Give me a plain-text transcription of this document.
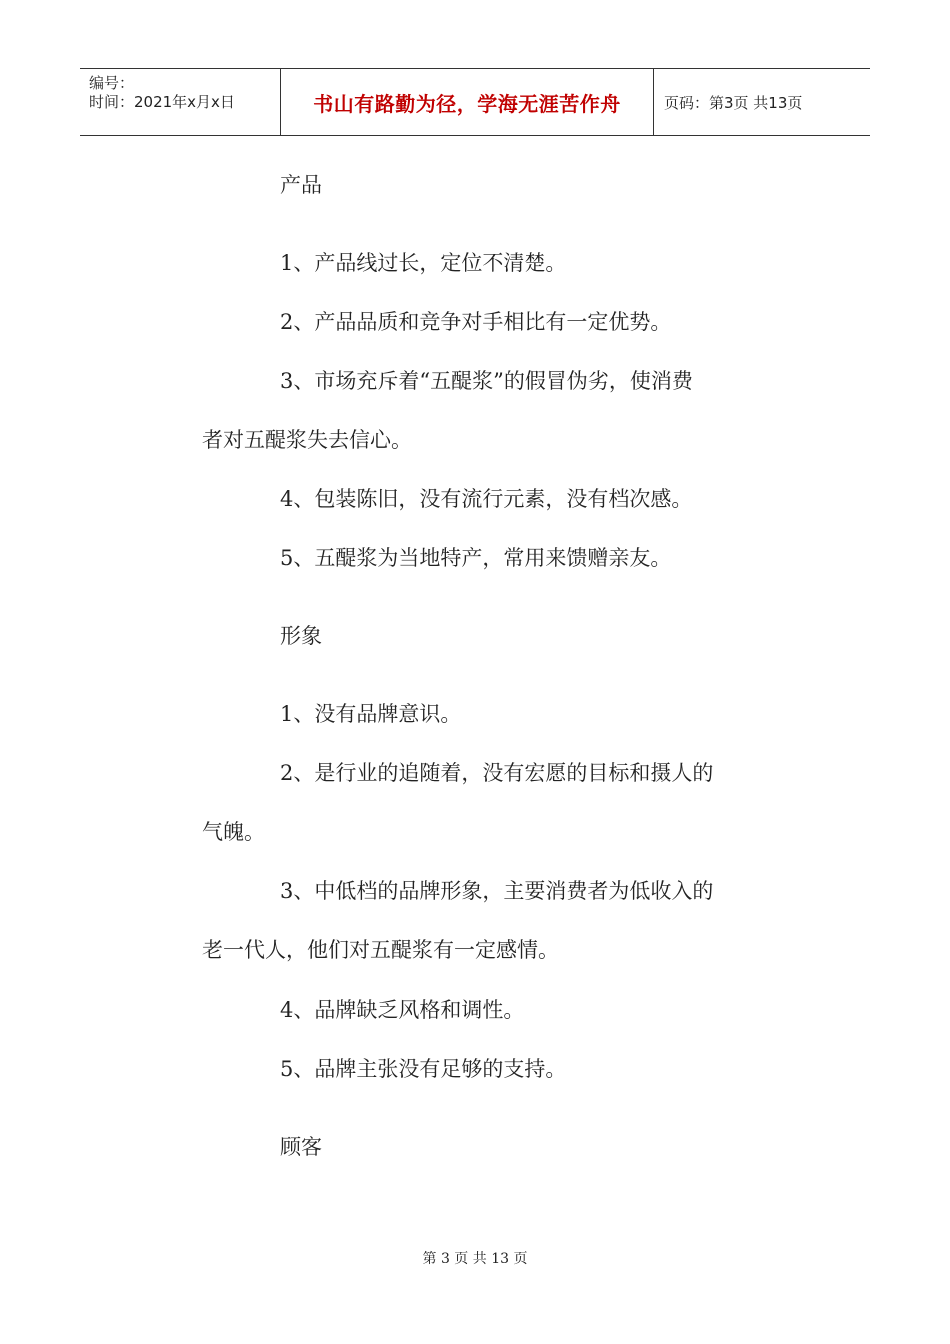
编号：
时间：2021年x月x日	书山有路勤为径，学海无涯苦作舟	页码：第3页 共13页
产品
1、产品线过长，定位不清楚。
2、产品品质和竞争对手相比有一定优势。
3、市场充斥着“五醍浆”的假冒伪劣，使消费
者对五醍浆失去信心。
4、包装陈旧，没有流行元素，没有档次感。
5、五醍浆为当地特产，常用来馈赠亲友。
形象
1、没有品牌意识。
2、是行业的追随着，没有宏愿的目标和摄人的
气魄。
3、中低档的品牌形象，主要消费者为低收入的
老一代人，他们对五醍浆有一定感情。
4、品牌缺乏风格和调性。
5、品牌主张没有足够的支持。
顾客
第 3 页 共 13 页
